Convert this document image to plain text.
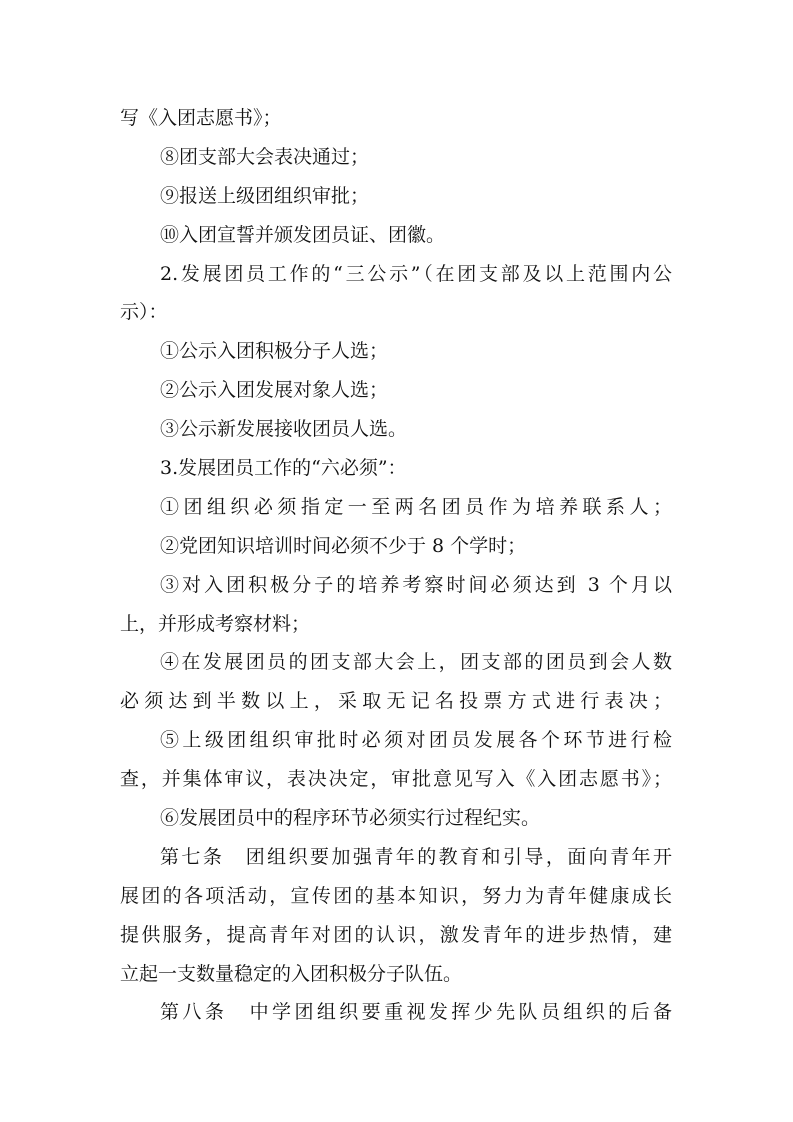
写《入团志愿书》；
⑧团支部大会表决通过；
⑨报送上级团组织审批；
⑩入团宣誓并颁发团员证、团徽。
2.发展团员工作的“三公示”（在团支部及以上范围内公
示）：
①公示入团积极分子人选；
②公示入团发展对象人选；
③公示新发展接收团员人选。
3.发展团员工作的“六必须”：
①团组织必须指定一至两名团员作为培养联系人；
②党团知识培训时间必须不少于 8 个学时；
③对入团积极分子的培养考察时间必须达到 3 个月以
上，并形成考察材料；
④在发展团员的团支部大会上，团支部的团员到会人数
必须达到半数以上，采取无记名投票方式进行表决；
⑤上级团组织审批时必须对团员发展各个环节进行检
查，并集体审议，表决决定，审批意见写入《入团志愿书》；
⑥发展团员中的程序环节必须实行过程纪实。
第七条　团组织要加强青年的教育和引导，面向青年开
展团的各项活动，宣传团的基本知识，努力为青年健康成长
提供服务，提高青年对团的认识，激发青年的进步热情，建
立起一支数量稳定的入团积极分子队伍。
第八条　中学团组织要重视发挥少先队员组织的后备
